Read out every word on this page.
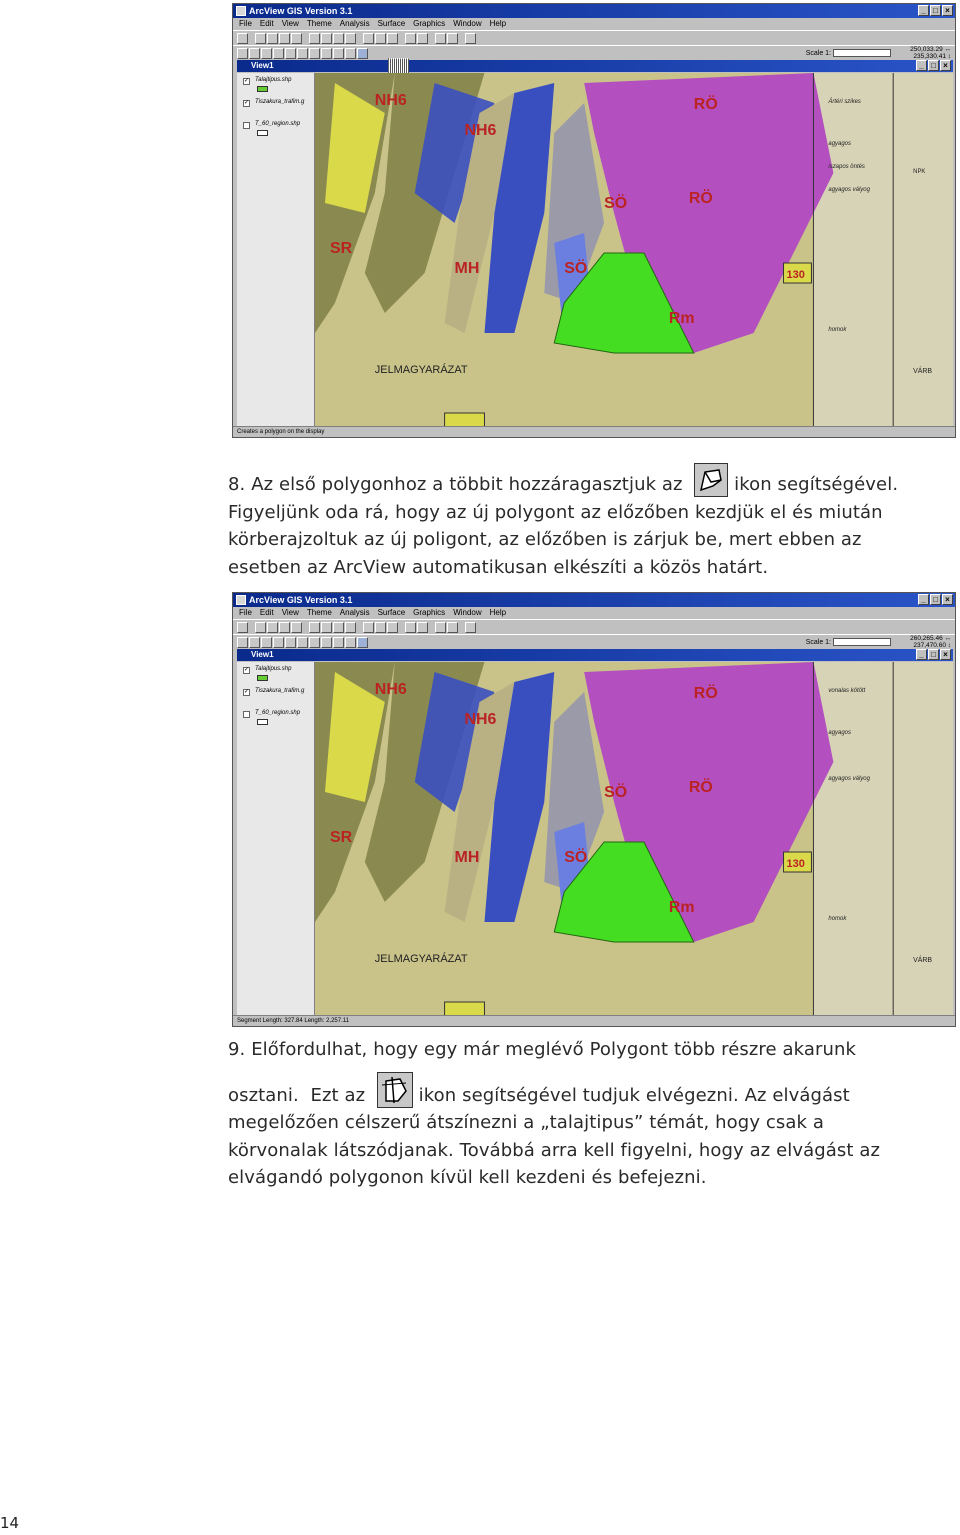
ArcView GIS Version 3.1	_ □ ×
File Edit View Theme Analysis Surface Graphics Window Help
Scale 1:	250,033.29 ↔
235,330.41 ↕
View1	_ □ ×
✓ Talajtipus.shp
✓ Tiszakura_trafim.g
T_60_region.shp
NH6
NH6
RÖ
RÖ
SÖ
SÖ
MH
Rm
SR
130
JELMAGYARÁZAT
Ártéri szikes
agyagos
agyagos vályog
homok
iszapos öntés
VÁRB
NPK
Creates a polygon on the display
8. Az első polygonhoz a többit hozzáragasztjuk az	ikon segítségével.
Figyeljünk oda rá, hogy az új polygont az előzőben kezdjük el és miután
körberajzoltuk az új poligont, az előzőben is zárjuk be, mert ebben az
esetben az ArcView automatikusan elkészíti a közös határt.
ArcView GIS Version 3.1	_ □ ×
File Edit View Theme Analysis Surface Graphics Window Help
Scale 1:	260,265.46 ↔
237,470.60 ↕
View1	_ □ ×
✓ Talajtipus.shp
✓ Tiszakura_trafim.g
T_60_region.shp
NH6
NH6
RÖ
RÖ
SÖ
SÖ
MH
Rm
SR
130
JELMAGYARÁZAT
vonalas kötött
agyagos
agyagos vályog
homok
VÁRB
Segment Length: 327.84 Length: 2,257.11
9. Előfordulhat, hogy egy már meglévő Polygont több részre akarunk
osztani.  Ezt az	ikon segítségével tudjuk elvégezni. Az elvágást
megelőzően célszerű átszínezni a „talajtipus” témát, hogy csak a
körvonalak látszódjanak. Továbbá arra kell figyelni, hogy az elvágást az
elvágandó polygonon kívül kell kezdeni és befejezni.
14
